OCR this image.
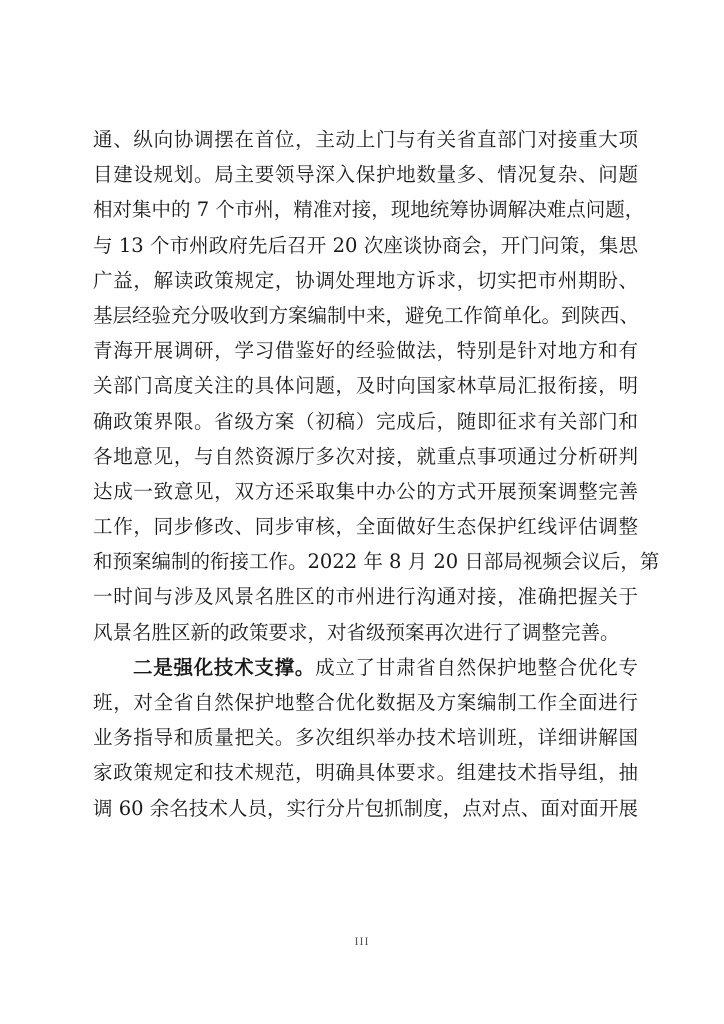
通、纵向协调摆在首位，主动上门与有关省直部门对接重大项
目建设规划。局主要领导深入保护地数量多、情况复杂、问题
相对集中的 7 个市州，精准对接，现地统筹协调解决难点问题，
与 13 个市州政府先后召开 20 次座谈协商会，开门问策，集思
广益，解读政策规定，协调处理地方诉求，切实把市州期盼、
基层经验充分吸收到方案编制中来，避免工作简单化。到陕西、
青海开展调研，学习借鉴好的经验做法，特别是针对地方和有
关部门高度关注的具体问题，及时向国家林草局汇报衔接，明
确政策界限。省级方案（初稿）完成后，随即征求有关部门和
各地意见，与自然资源厅多次对接，就重点事项通过分析研判
达成一致意见，双方还采取集中办公的方式开展预案调整完善
工作，同步修改、同步审核，全面做好生态保护红线评估调整
和预案编制的衔接工作。2022 年 8 月 20 日部局视频会议后，第
一时间与涉及风景名胜区的市州进行沟通对接，准确把握关于
风景名胜区新的政策要求，对省级预案再次进行了调整完善。
二是强化技术支撑。成立了甘肃省自然保护地整合优化专
班，对全省自然保护地整合优化数据及方案编制工作全面进行
业务指导和质量把关。多次组织举办技术培训班，详细讲解国
家政策规定和技术规范，明确具体要求。组建技术指导组，抽
调 60 余名技术人员，实行分片包抓制度，点对点、面对面开展
III
